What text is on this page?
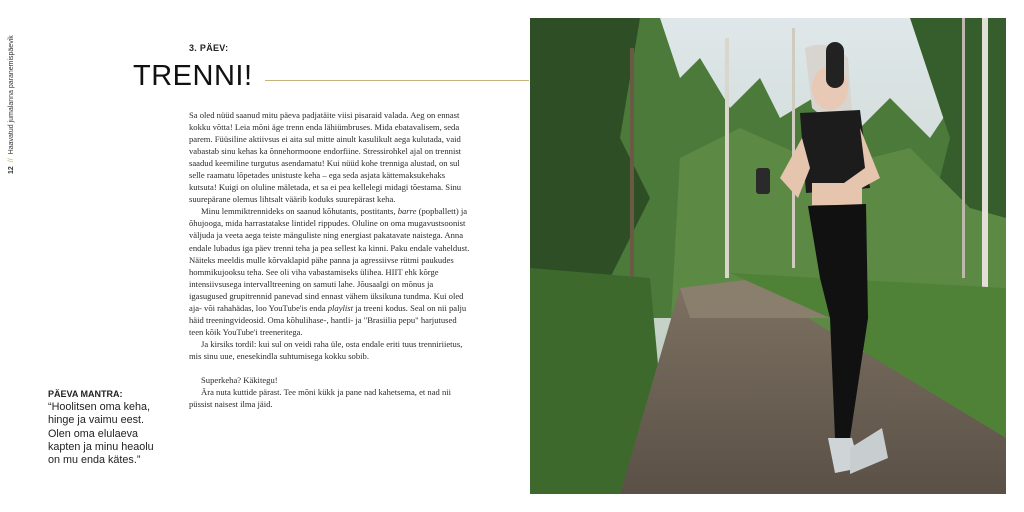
12//Haavatud jumalanna paranemispäevik	3. PÄEV:
TRENNI!

Sa oled nüüd saanud mitu päeva padjatäite viisi pisaraid valada. Aeg on ennast kokku võtta! Leia mõni äge trenn enda lähiümbruses. Mida ebatavalisem, seda parem. Füüsiline aktiivsus ei aita sul mitte ainult kasulikult aega kulutada, vaid vabastab sinu kehas ka õnnehormoone endorfiine. Stressirohkel ajal on trennist saadud keemiline turgutus asendamatu! Kui nüüd kohe trenniga alustad, on sul selle raamatu lõpetades unistuste keha – ega seda asjata kättemaksukehaks kutsuta! Kuigi on oluline mäletada, et sa ei pea kellelegi midagi tõestama. Sinu suurepärane olemus lihtsalt väärib koduks suurepärast keha.

Minu lemmiktrennideks on saanud kõhutants, postitants, barre (popballett) ja õhujooga, mida harrastatakse lintidel rippudes. Oluline on oma mugavustsoonist väljuda ja veeta aega teiste mänguliste ning energiast pakatavate naistega. Anna endale lubadus iga päev trenni teha ja pea sellest ka kinni. Paku endale vaheldust. Näiteks meeldis mulle kõrvaklapid pähe panna ja agressiivse rütmi paukudes hommikujooksu teha. See oli viha vabastamiseks ülihea. HIIT ehk kõrge intensiivsusega intervalltreening on samuti lahe. Jõusaalgi on mõnus ja igasugused grupitrennid panevad sind ennast vähem üksikuna tundma. Kui oled aja- või rahahädas, loo YouTube'is enda playlist ja treeni kodus. Seal on nii palju häid treeningvideosid. Oma kõhulihase-, hantli- ja "Brasiilia pepu" harjutused teen kõik YouTube'i treeneritega.

Ja kirsiks tordil: kui sul on veidi raha üle, osta endale eriti tuus trenniriietus, mis sinu uue, enesekindla suhtumisega kokku sobib.

Superkeha? Käkitegu!

Ära nuta kuttide pärast. Tee mõni kükk ja pane nad kahetsema, et nad nii püssist naisest ilma jäid.

PÄEVA MANTRA:
“Hoolitsen oma keha, hinge ja vaimu eest. Olen oma elulaeva kapten ja minu heaolu on mu enda kätes.”
